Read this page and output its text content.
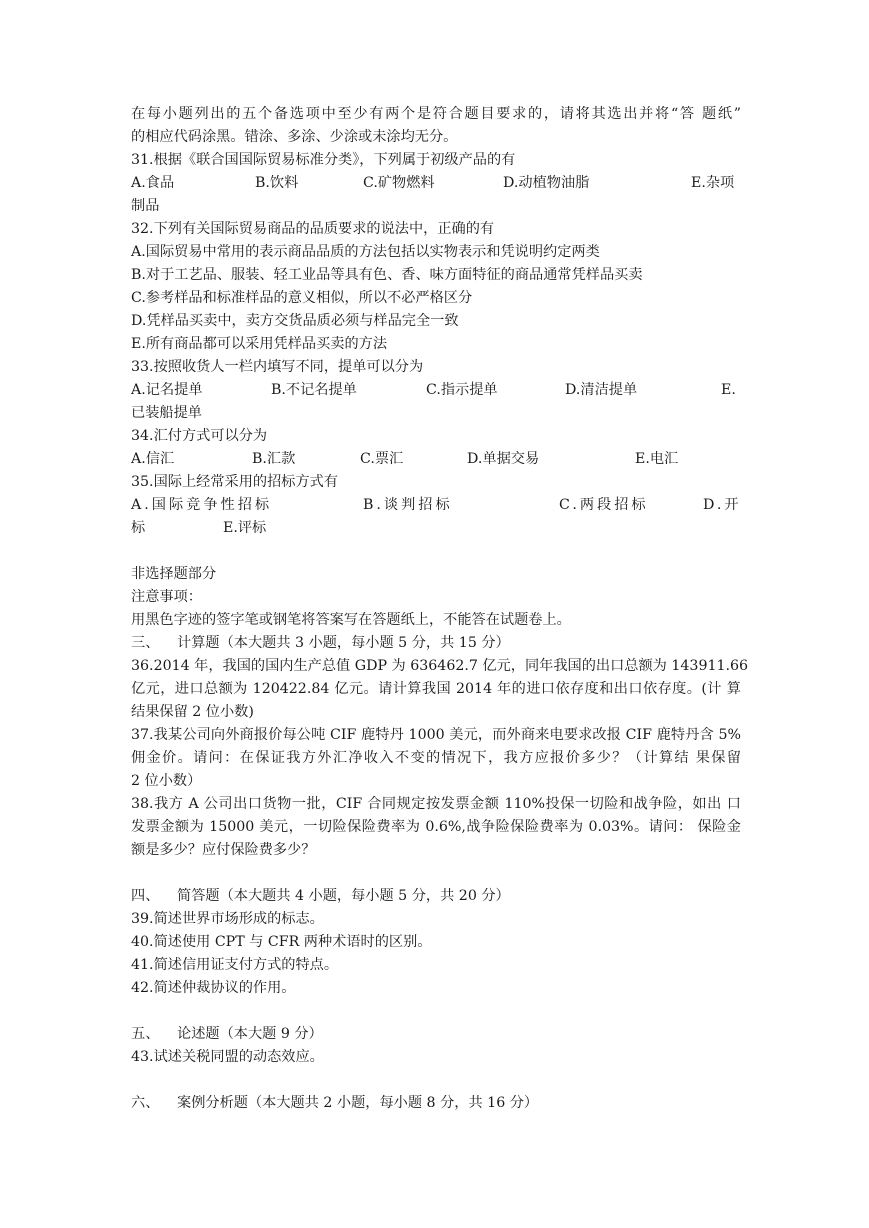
在每小题列出的五个备选项中至少有两个是符合题目要求的，请将其选出并将“答 题纸”
的相应代码涂黑。错涂、多涂、少涂或未涂均无分。
31.根据《联合国国际贸易标准分类》，下列属于初级产品的有
A.食品	B.饮料	C.矿物燃料	D.动植物油脂	E.杂项
制品
32.下列有关国际贸易商品的品质要求的说法中，正确的有
A.国际贸易中常用的表示商品品质的方法包括以实物表示和凭说明约定两类
B.对于工艺品、服装、轻工业品等具有色、香、味方面特征的商品通常凭样品买卖
C.参考样品和标准样品的意义相似，所以不必严格区分
D.凭样品买卖中，卖方交货品质必须与样品完全一致
E.所有商品都可以采用凭样品买卖的方法
33.按照收货人一栏内填写不同，提单可以分为
A.记名提单	B.不记名提单	C.指示提单	D.清洁提单	E.
已装船提单
34.汇付方式可以分为
A.信汇	B.汇款	C.票汇	D.单据交易	E.电汇
35.国际上经常采用的招标方式有
A.国际竞争性招标	B.谈判招标	C.两段招标	D.开
标	E.评标
非选择题部分
注意事项：
用黑色字迹的签字笔或钢笔将答案写在答题纸上，不能答在试题卷上。
三、 计算题（本大题共 3 小题，每小题 5 分，共 15 分）
36.2014 年，我国的国内生产总值 GDP 为 636462.7 亿元，同年我国的出口总额为 143911.66
亿元，进口总额为 120422.84 亿元。请计算我国 2014 年的进口依存度和出口依存度。(计 算
结果保留 2 位小数)
37.我某公司向外商报价每公吨 CIF 鹿特丹 1000 美元，而外商来电要求改报 CIF 鹿特丹含 5%
佣金价。请问：在保证我方外汇净收入不变的情况下，我方应报价多少？（计算结 果保留
2 位小数）
38.我方 A 公司出口货物一批，CIF 合同规定按发票金额 110%投保一切险和战争险，如出 口
发票金额为 15000 美元，一切险保险费率为 0.6%,战争险保险费率为 0.03%。请问： 保险金
额是多少？应付保险费多少？
四、 简答题（本大题共 4 小题，每小题 5 分，共 20 分）
39.简述世界市场形成的标志。
40.简述使用 CPT 与 CFR 两种术语时的区别。
41.简述信用证支付方式的特点。
42.简述仲裁协议的作用。
五、 论述题（本大题 9 分）
43.试述关税同盟的动态效应。
六、 案例分析题（本大题共 2 小题，每小题 8 分，共 16 分）
